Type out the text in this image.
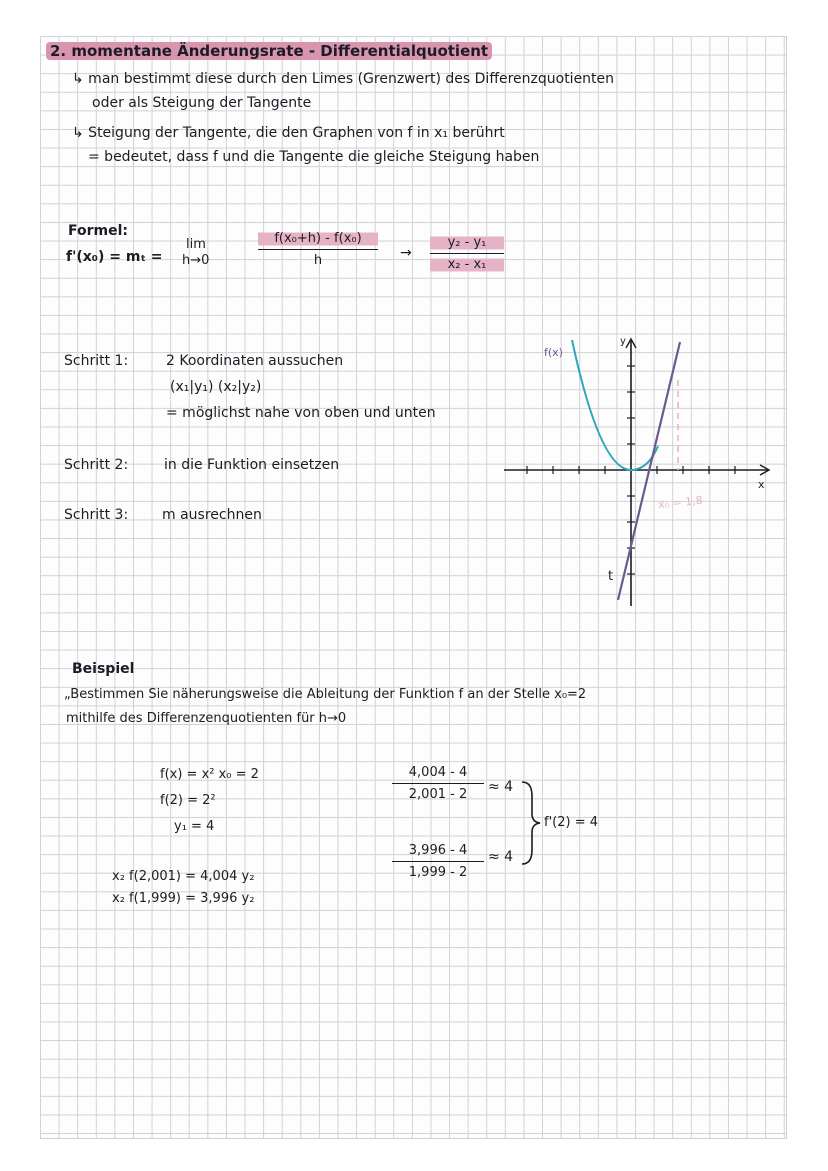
2. momentane Änderungsrate - Differentialquotient
↳ man bestimmt diese durch den Limes (Grenzwert) des Differenzquotienten
oder als Steigung der Tangente
↳ Steigung der Tangente, die den Graphen von f in x₁ berührt
= bedeutet, dass f und die Tangente die gleiche Steigung haben
Formel:
f'(x₀) = mₜ =
lim
h→0
f(x₀+h) - f(x₀)
h	→
y₂ - y₁
x₂ - x₁
Schritt 1:	2 Koordinaten aussuchen
(x₁|y₁) (x₂|y₂)
= möglichst nahe von oben und unten
Schritt 2:	in die Funktion einsetzen
Schritt 3: m ausrechnen
f(x)
y
x
t
x₀ = 1,8
Beispiel
„Bestimmen Sie näherungsweise die Ableitung der Funktion f an der Stelle x₀=2
mithilfe des Differenzenquotienten für h→0
f(x) = x² x₀ = 2
f(2) = 2²
y₁ = 4
x₂ f(2,001) = 4,004 y₂
x₂ f(1,999) = 3,996 y₂
4,004 - 4
2,001 - 2	≈ 4
3,996 - 4
1,999 - 2
≈ 4
f'(2) = 4
